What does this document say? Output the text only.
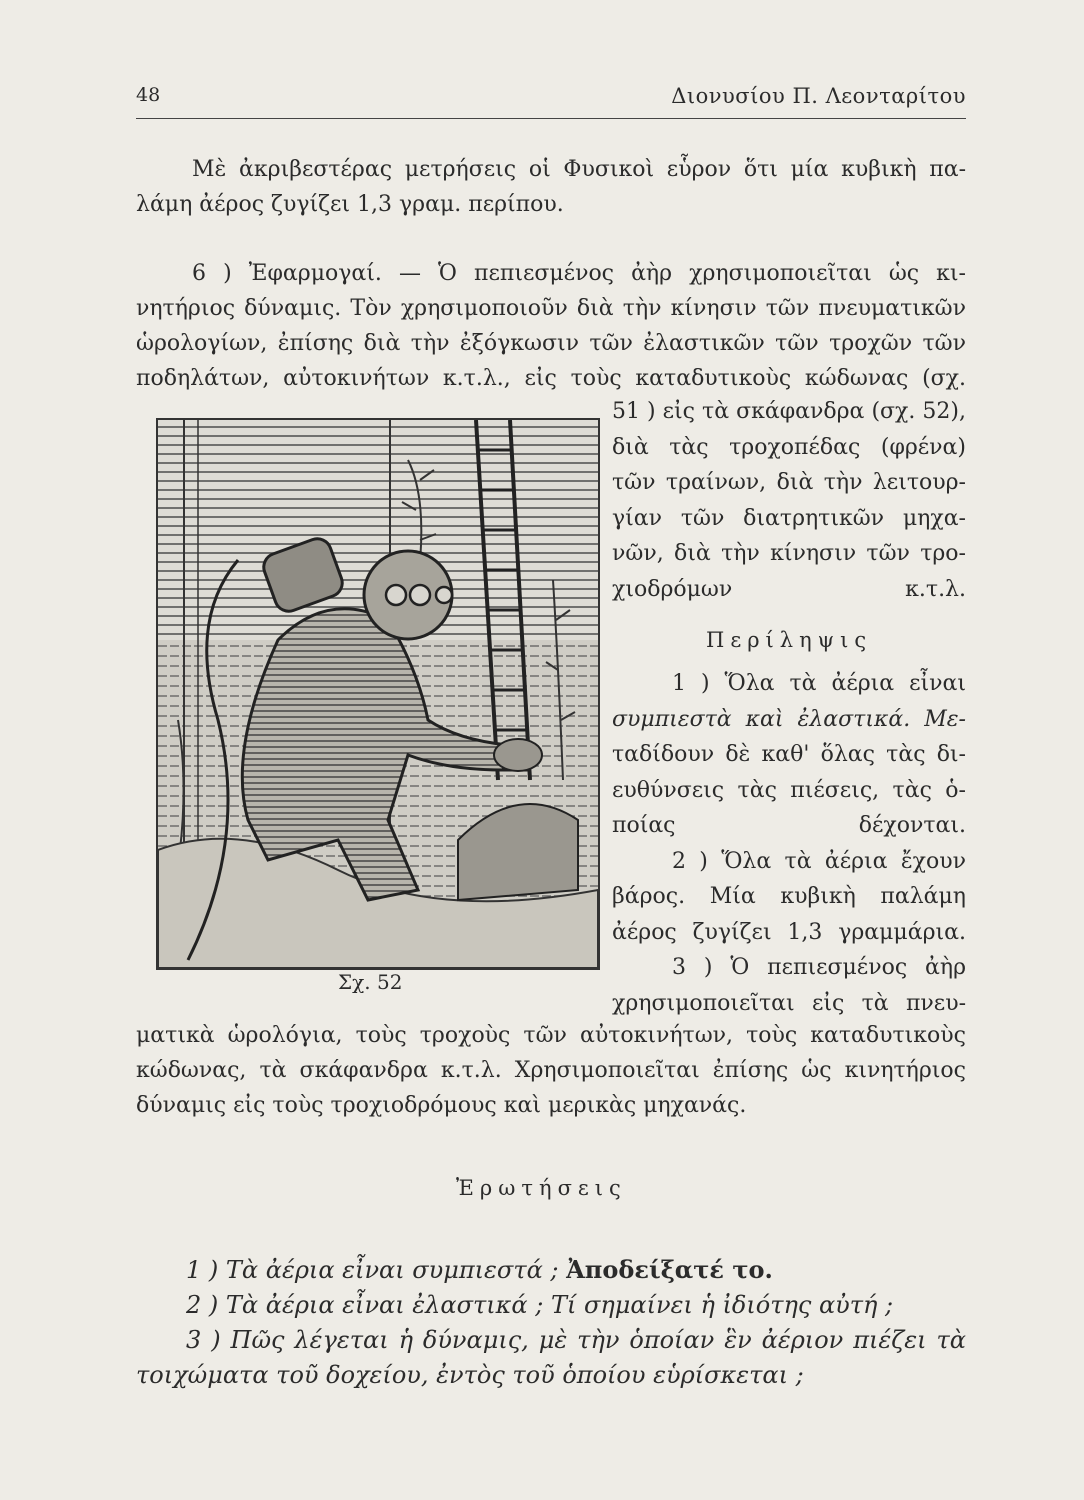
48	Διονυσίου Π. Λεονταρίτου
Μὲ ἀκριβεστέρας μετρήσεις οἱ Φυσικοὶ εὗρον ὅτι μία κυβικὴ πα-
λάμη ἀέρος ζυγίζει 1,3 γραμ. περίπου.
6 ) Ἐφαρμογαί. — Ὁ πεπιεσμένος ἀὴρ χρησιμοποιεῖται ὡς κι-
νητήριος δύναμις. Τὸν χρησιμοποιοῦν διὰ τὴν κίνησιν τῶν πνευματικῶν
ὡρολογίων, ἐπίσης διὰ τὴν ἐξόγκωσιν τῶν ἐλαστικῶν τῶν τροχῶν τῶν
ποδηλάτων, αὐτοκινήτων κ.τ.λ., εἰς τοὺς καταδυτικοὺς κώδωνας (σχ.
Σχ. 52
51 ) εἰς τὰ σκάφανδρα (σχ. 52),
διὰ τὰς τροχοπέδας (φρένα)
τῶν τραίνων, διὰ τὴν λειτουρ-
γίαν τῶν διατρητικῶν μηχα-
νῶν, διὰ τὴν κίνησιν τῶν τρο-
χιοδρόμων κ.τ.λ.
Περίληψις
1 ) Ὅλα τὰ ἀέρια εἶναι
συμπιεστὰ καὶ ἐλαστικά. Με-
ταδίδουν δὲ καθ' ὅλας τὰς δι-
ευθύνσεις τὰς πιέσεις, τὰς ὁ-
ποίας δέχονται.
2 ) Ὅλα τὰ ἀέρια ἔχουν
βάρος. Μία κυβικὴ παλάμη
ἀέρος ζυγίζει 1,3 γραμμάρια.
3 ) Ὁ πεπιεσμένος ἀὴρ
χρησιμοποιεῖται εἰς τὰ πνευ-
ματικὰ ὡρολόγια, τοὺς τροχοὺς τῶν αὐτοκινήτων, τοὺς καταδυτικοὺς
κώδωνας, τὰ σκάφανδρα κ.τ.λ. Χρησιμοποιεῖται ἐπίσης ὡς κινητήριος
δύναμις εἰς τοὺς τροχιοδρόμους καὶ μερικὰς μηχανάς.
Ἐρωτήσεις
1 ) Τὰ ἀέρια εἶναι συμπιεστά ; Ἀποδείξατέ το.
2 ) Τὰ ἀέρια εἶναι ἐλαστικά ; Τί σημαίνει ἡ ἰδιότης αὐτή ;
3 ) Πῶς λέγεται ἡ δύναμις, μὲ τὴν ὁποίαν ἓν ἀέριον πιέζει τὰ
τοιχώματα τοῦ δοχείου, ἐντὸς τοῦ ὁποίου εὑρίσκεται ;
